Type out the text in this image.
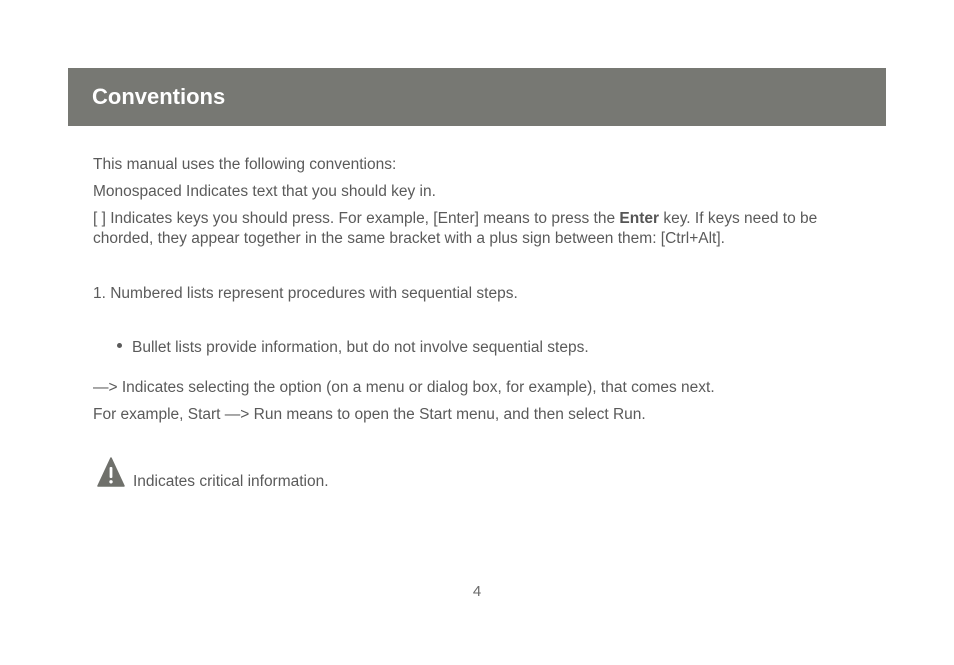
Conventions
This manual uses the following conventions:
Monospaced Indicates text that you should key in.
[ ] Indicates keys you should press. For example, [Enter] means to press the Enter key. If keys need to be chorded, they appear together in the same bracket with a plus sign between them: [Ctrl+Alt].
1. Numbered lists represent procedures with sequential steps.
Bullet lists provide information, but do not involve sequential steps.
—> Indicates selecting the option (on a menu or dialog box, for example), that comes next.
For example, Start —> Run means to open the Start menu, and then select Run.
Indicates critical information.
4
